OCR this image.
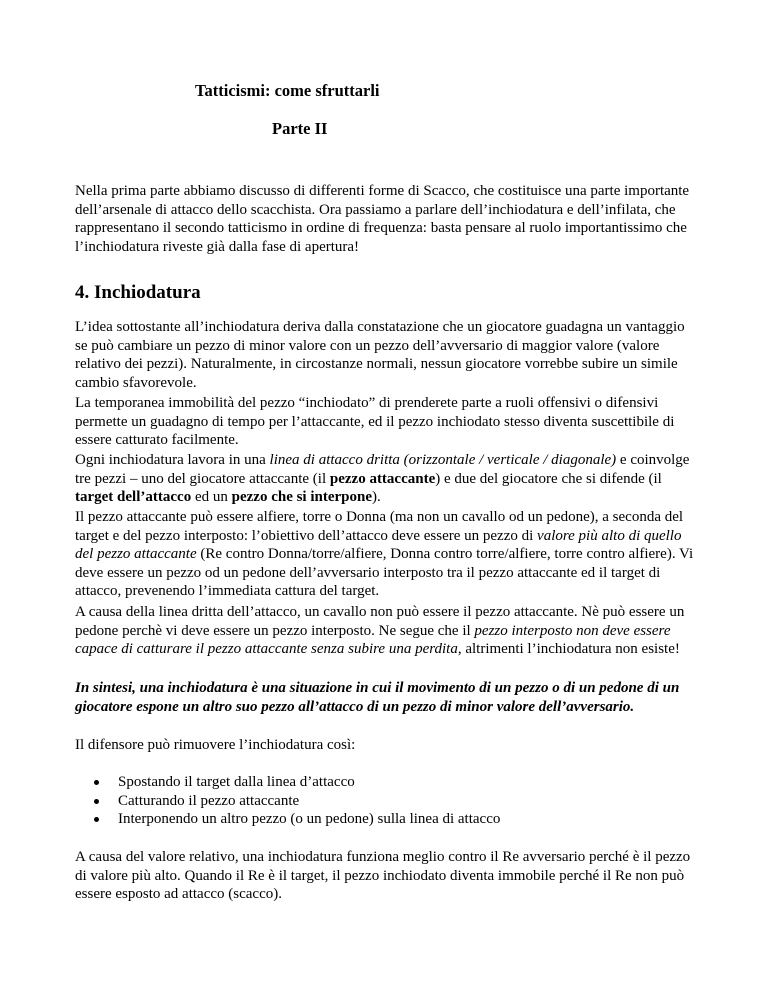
Tatticismi: come sfruttarli
Parte II

Nella prima parte abbiamo discusso di differenti forme di Scacco, che costituisce una parte importante dell’arsenale di attacco dello scacchista. Ora passiamo a parlare dell’inchiodatura e dell’infilata, che rappresentano il secondo tatticismo in ordine di frequenza: basta pensare al ruolo importantissimo che l’inchiodatura riveste già dalla fase di apertura!

4. Inchiodatura

L’idea sottostante all’inchiodatura deriva dalla constatazione che un giocatore guadagna un vantaggio se può cambiare un pezzo di minor valore con un pezzo dell’avversario di maggior valore (valore relativo dei pezzi). Naturalmente, in circostanze normali, nessun giocatore vorrebbe subire un simile cambio sfavorevole.

La temporanea immobilità del pezzo “inchiodato” di prenderete parte a ruoli offensivi o difensivi permette un guadagno di tempo per l’attaccante, ed il pezzo inchiodato stesso diventa suscettibile di essere catturato facilmente.

Ogni inchiodatura lavora in una linea di attacco dritta (orizzontale / verticale / diagonale) e coinvolge tre pezzi – uno del giocatore attaccante (il pezzo attaccante) e due del giocatore che si difende (il target dell’attacco ed un pezzo che si interpone).

Il pezzo attaccante può essere alfiere, torre o Donna (ma non un cavallo od un pedone), a seconda del target e del pezzo interposto: l’obiettivo dell’attacco deve essere un pezzo di valore più alto di quello del pezzo attaccante (Re contro Donna/torre/alfiere, Donna contro torre/alfiere, torre contro alfiere). Vi deve essere un pezzo od un pedone dell’avversario interposto tra il pezzo attaccante ed il target di attacco, prevenendo l’immediata cattura del target.

A causa della linea dritta dell’attacco, un cavallo non può essere il pezzo attaccante. Nè può essere un pedone perchè vi deve essere un pezzo interposto. Ne segue che il pezzo interposto non deve essere capace di catturare il pezzo attaccante senza subire una perdita, altrimenti l’inchiodatura non esiste!

In sintesi, una inchiodatura è una situazione in cui il movimento di un pezzo o di un pedone di un giocatore espone un altro suo pezzo all’attacco di un pezzo di minor valore dell’avversario.

Il difensore può rimuovere l’inchiodatura così:

Spostando il target dalla linea d’attacco
Catturando il pezzo attaccante
Interponendo un altro pezzo (o un pedone) sulla linea di attacco

A causa del valore relativo, una inchiodatura funziona meglio contro il Re avversario perché è il pezzo di valore più alto. Quando il Re è il target, il pezzo inchiodato diventa immobile perché il Re non può essere esposto ad attacco (scacco).
